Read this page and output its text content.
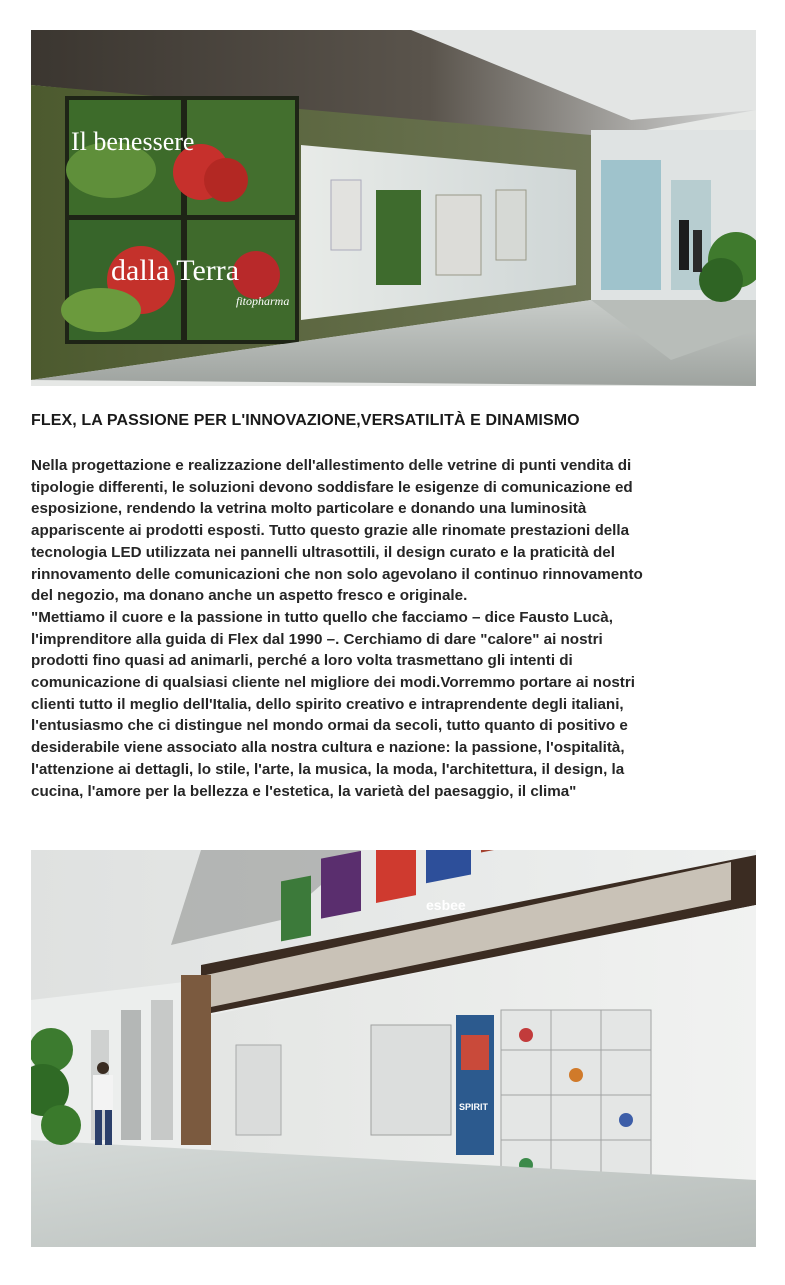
Il benessere
dalla Terra
fitopharma
FLEX, LA PASSIONE PER L'INNOVAZIONE,VERSATILITÀ E DINAMISMO

Nella progettazione e realizzazione dell'allestimento delle vetrine di punti vendita di
tipologie differenti, le soluzioni devono soddisfare le esigenze di comunicazione ed
esposizione, rendendo la vetrina molto particolare e donando una luminosità
appariscente ai prodotti esposti. Tutto questo grazie alle rinomate prestazioni della
tecnologia LED utilizzata nei pannelli ultrasottili, il design curato e la praticità del
rinnovamento delle comunicazioni che non solo agevolano il continuo rinnovamento
del negozio, ma donano anche un aspetto fresco e originale.

"Mettiamo il cuore e la passione in tutto quello che facciamo – dice Fausto Lucà,
l'imprenditore alla guida di Flex dal 1990 –. Cerchiamo di dare "calore" ai nostri
prodotti fino quasi ad animarli, perché a loro volta trasmettano gli intenti di
comunicazione di qualsiasi cliente nel migliore dei modi.Vorremmo portare ai nostri
clienti tutto il meglio dell'Italia, dello spirito creativo e intraprendente degli italiani,
l'entusiasmo che ci distingue nel mondo ormai da secoli, tutto quanto di positivo e
desiderabile viene associato alla nostra cultura e nazione: la passione, l'ospitalità,
l'attenzione ai dettagli, lo stile, l'arte, la musica, la moda, l'architettura, il design, la
cucina, l'amore per la bellezza e l'estetica, la varietà del paesaggio, il clima"

esbee
SPIRIT
